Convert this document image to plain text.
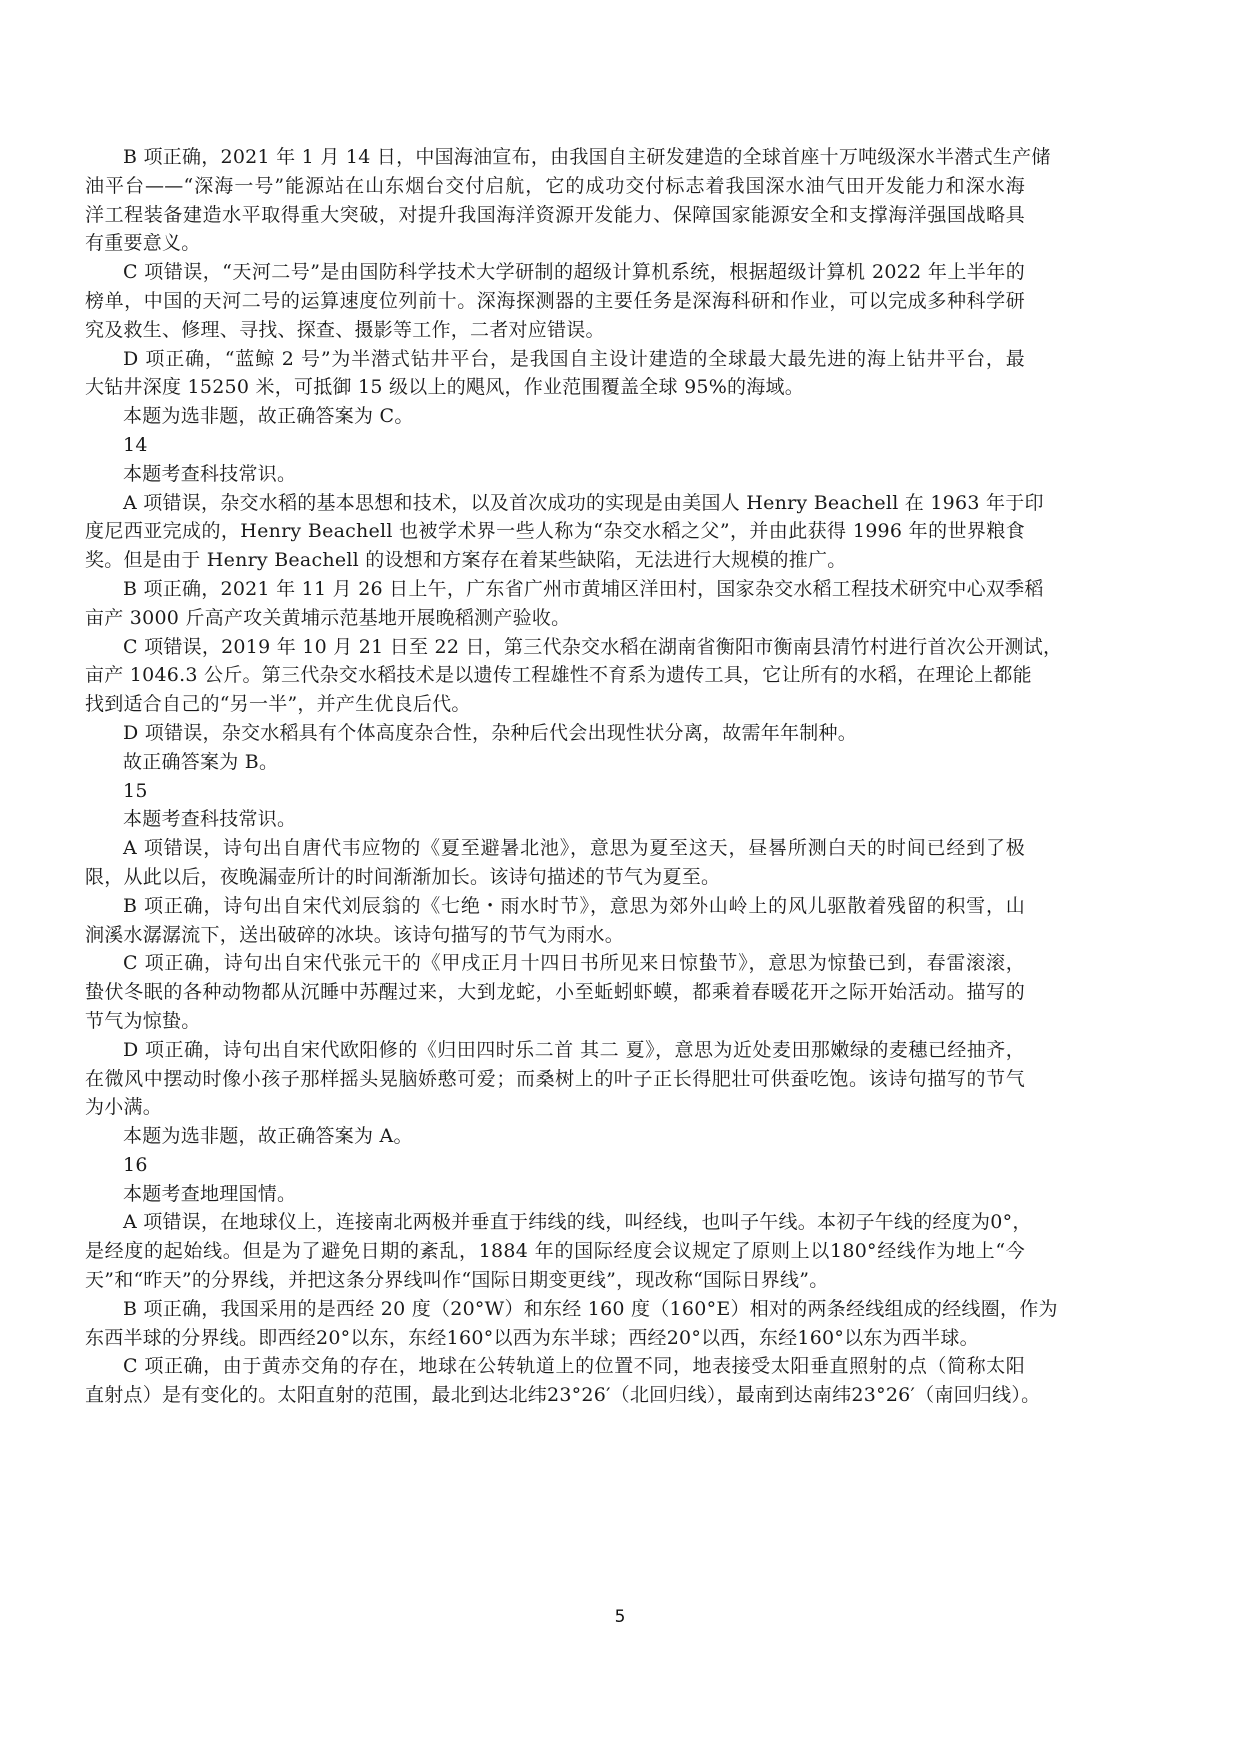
B 项正确，2021 年 1 月 14 日，中国海油宣布，由我国自主研发建造的全球首座十万吨级深水半潜式生产储
油平台——“深海一号”能源站在山东烟台交付启航，它的成功交付标志着我国深水油气田开发能力和深水海
洋工程装备建造水平取得重大突破，对提升我国海洋资源开发能力、保障国家能源安全和支撑海洋强国战略具
有重要意义。
C 项错误，“天河二号”是由国防科学技术大学研制的超级计算机系统，根据超级计算机 2022 年上半年的
榜单，中国的天河二号的运算速度位列前十。深海探测器的主要任务是深海科研和作业，可以完成多种科学研
究及救生、修理、寻找、探查、摄影等工作，二者对应错误。
D 项正确，“蓝鲸 2 号”为半潜式钻井平台，是我国自主设计建造的全球最大最先进的海上钻井平台，最
大钻井深度 15250 米，可抵御 15 级以上的飓风，作业范围覆盖全球 95%的海域。
本题为选非题，故正确答案为 C。
14
本题考查科技常识。
A 项错误，杂交水稻的基本思想和技术，以及首次成功的实现是由美国人 Henry Beachell 在 1963 年于印
度尼西亚完成的，Henry Beachell 也被学术界一些人称为“杂交水稻之父”，并由此获得 1996 年的世界粮食
奖。但是由于 Henry Beachell 的设想和方案存在着某些缺陷，无法进行大规模的推广。
B 项正确，2021 年 11 月 26 日上午，广东省广州市黄埔区洋田村，国家杂交水稻工程技术研究中心双季稻
亩产 3000 斤高产攻关黄埔示范基地开展晚稻测产验收。
C 项错误，2019 年 10 月 21 日至 22 日，第三代杂交水稻在湖南省衡阳市衡南县清竹村进行首次公开测试，
亩产 1046.3 公斤。第三代杂交水稻技术是以遗传工程雄性不育系为遗传工具，它让所有的水稻，在理论上都能
找到适合自己的“另一半”，并产生优良后代。
D 项错误，杂交水稻具有个体高度杂合性，杂种后代会出现性状分离，故需年年制种。
故正确答案为 B。
15
本题考查科技常识。
A 项错误，诗句出自唐代韦应物的《夏至避暑北池》，意思为夏至这天，昼晷所测白天的时间已经到了极
限，从此以后，夜晚漏壶所计的时间渐渐加长。该诗句描述的节气为夏至。
B 项正确，诗句出自宋代刘辰翁的《七绝・雨水时节》，意思为郊外山岭上的风儿驱散着残留的积雪，山
涧溪水潺潺流下，送出破碎的冰块。该诗句描写的节气为雨水。
C 项正确，诗句出自宋代张元干的《甲戌正月十四日书所见来日惊蛰节》，意思为惊蛰已到，春雷滚滚，
蛰伏冬眠的各种动物都从沉睡中苏醒过来，大到龙蛇，小至蚯蚓虾蟆，都乘着春暖花开之际开始活动。描写的
节气为惊蛰。
D 项正确，诗句出自宋代欧阳修的《归田四时乐二首 其二 夏》，意思为近处麦田那嫩绿的麦穗已经抽齐，
在微风中摆动时像小孩子那样摇头晃脑娇憨可爱；而桑树上的叶子正长得肥壮可供蚕吃饱。该诗句描写的节气
为小满。
本题为选非题，故正确答案为 A。
16
本题考查地理国情。
A 项错误，在地球仪上，连接南北两极并垂直于纬线的线，叫经线，也叫子午线。本初子午线的经度为0°，
是经度的起始线。但是为了避免日期的紊乱，1884 年的国际经度会议规定了原则上以180°经线作为地上“今
天”和“昨天”的分界线，并把这条分界线叫作“国际日期变更线”，现改称“国际日界线”。
B 项正确，我国采用的是西经 20 度（20°W）和东经 160 度（160°E）相对的两条经线组成的经线圈，作为
东西半球的分界线。即西经20°以东，东经160°以西为东半球；西经20°以西，东经160°以东为西半球。
C 项正确，由于黄赤交角的存在，地球在公转轨道上的位置不同，地表接受太阳垂直照射的点（简称太阳
直射点）是有变化的。太阳直射的范围，最北到达北纬23°26′（北回归线），最南到达南纬23°26′（南回归线）。
5
